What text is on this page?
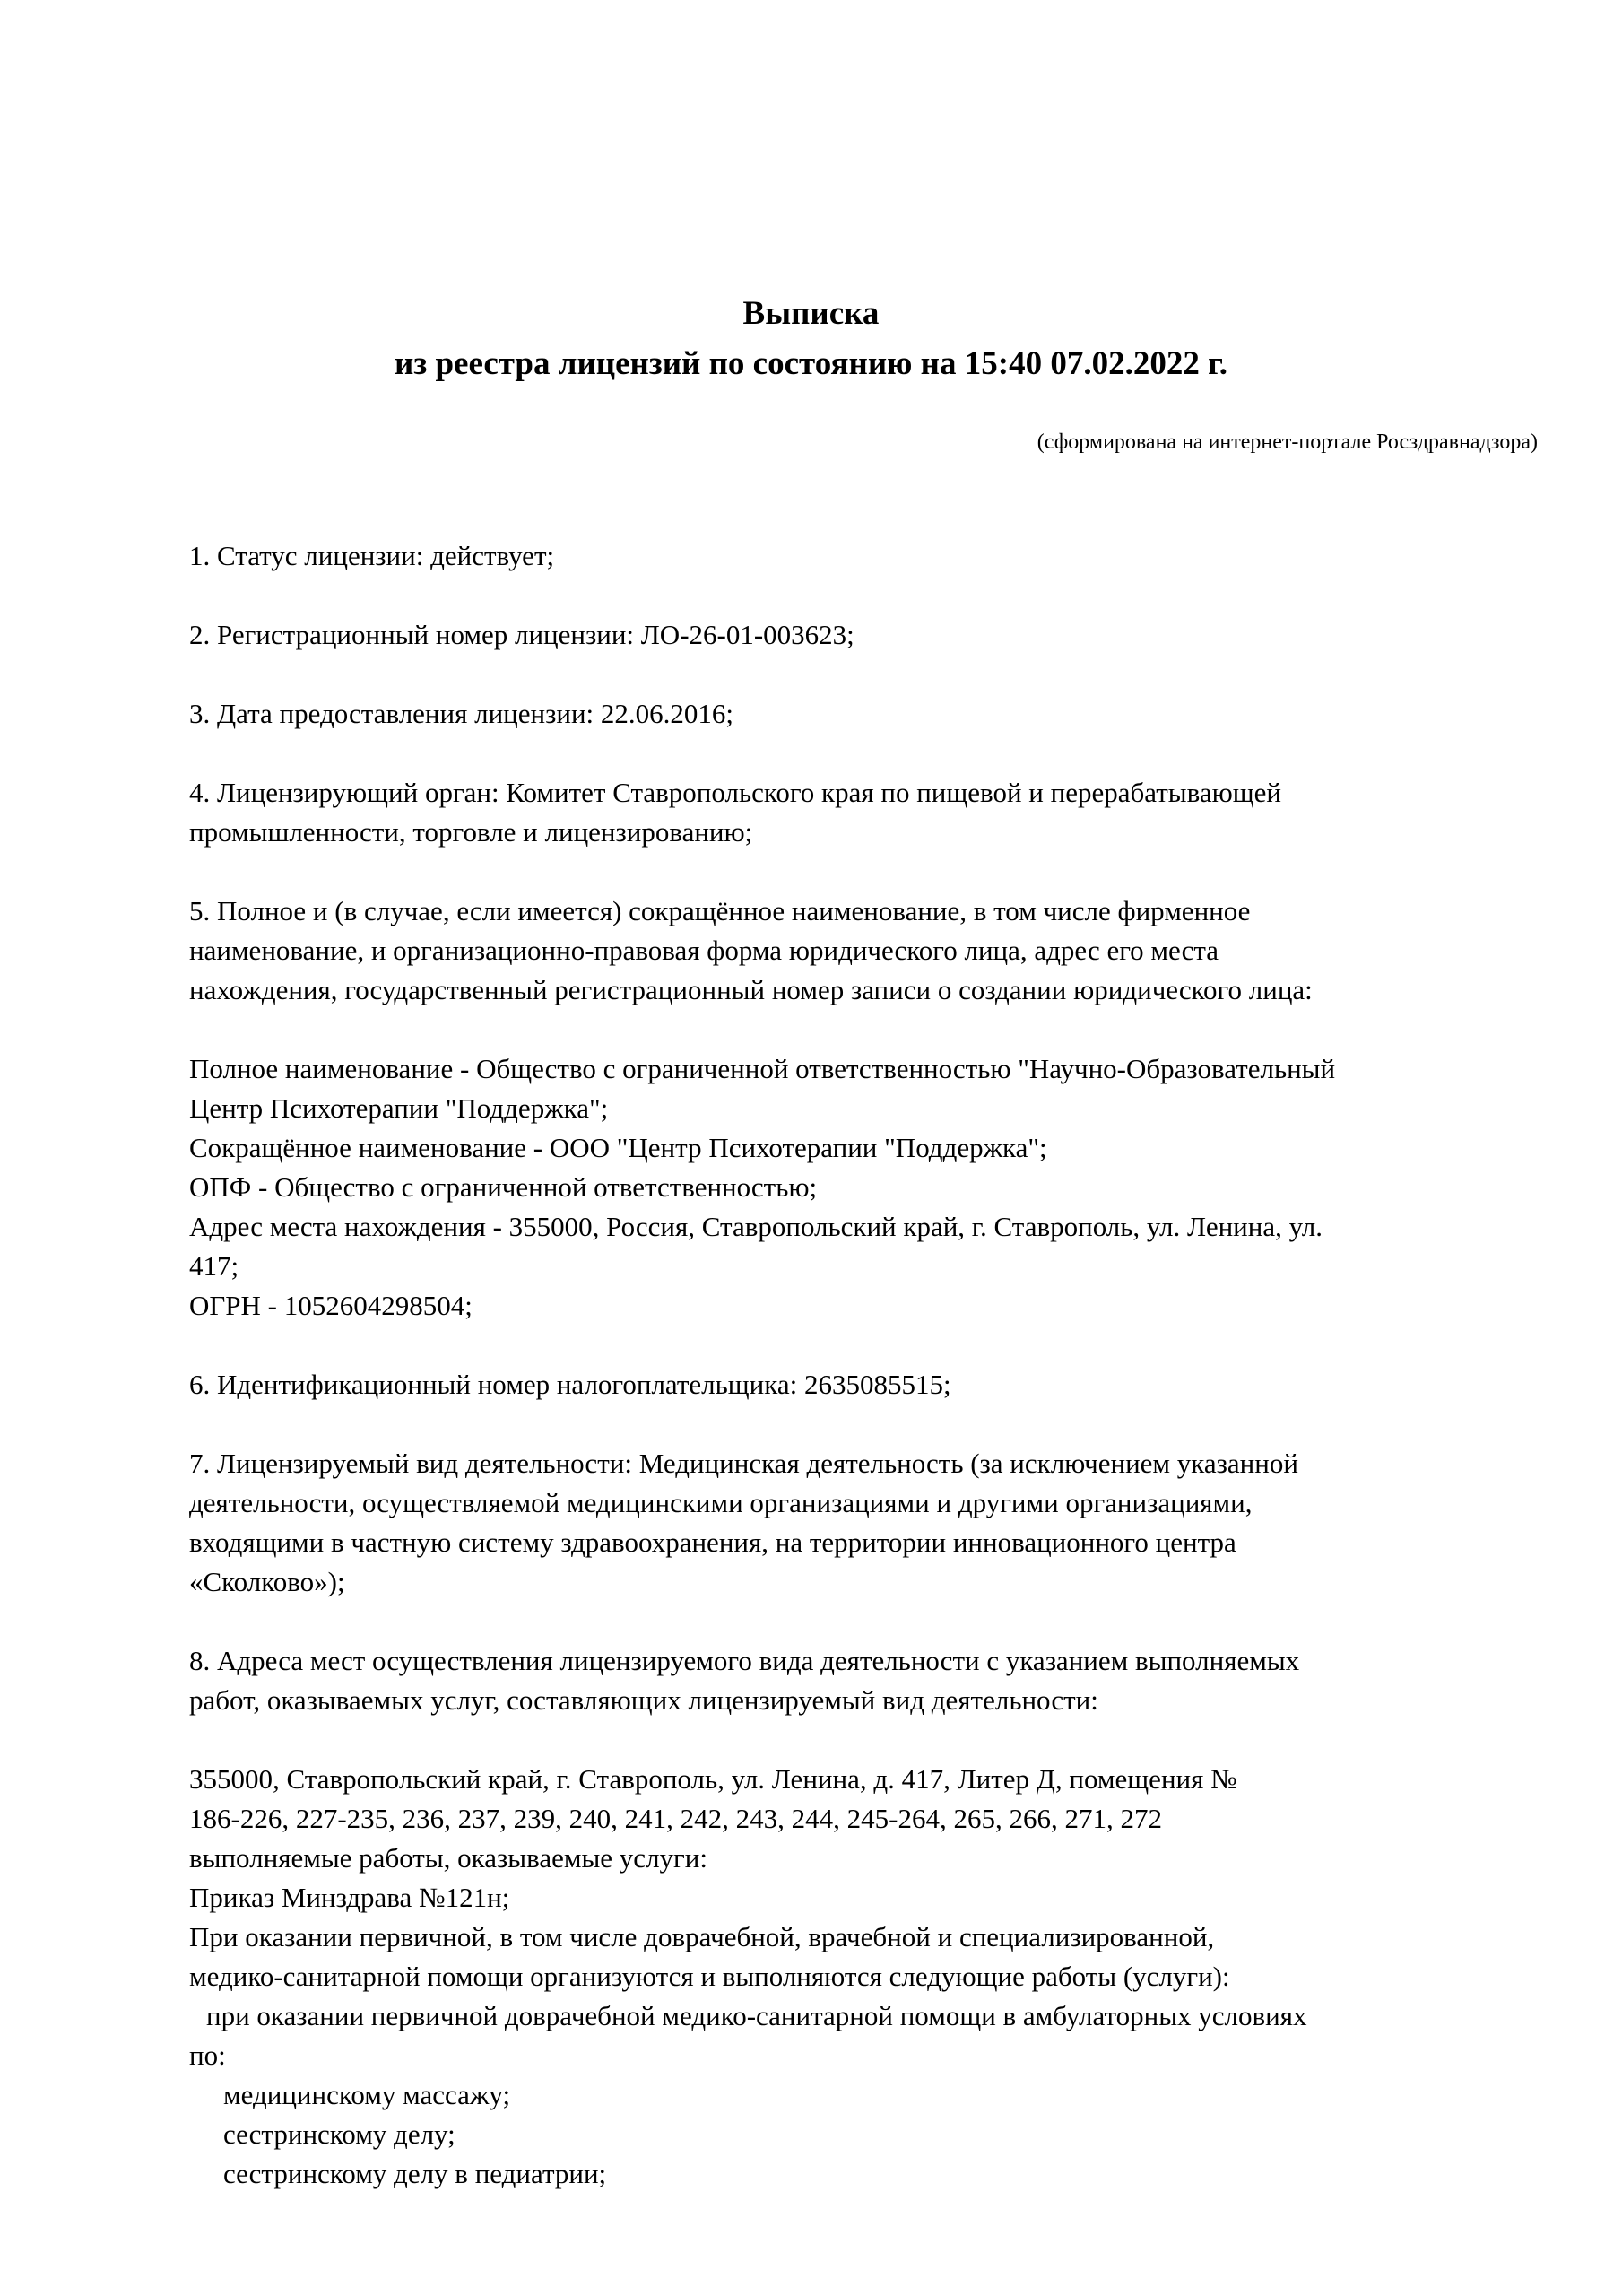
Выписка
из реестра лицензий по состоянию на 15:40 07.02.2022 г.
(сформирована на интернет-портале Росздравнадзора)
1. Статус лицензии: действует;
2. Регистрационный номер лицензии: ЛО-26-01-003623;
3. Дата предоставления лицензии: 22.06.2016;
4. Лицензирующий орган: Комитет Ставропольского края по пищевой и перерабатывающей
промышленности, торговле и лицензированию;
5. Полное и (в случае, если имеется) сокращённое наименование, в том числе фирменное
наименование, и организационно-правовая форма юридического лица, адрес его места
нахождения, государственный регистрационный номер записи о создании юридического лица:
Полное наименование - Общество с ограниченной ответственностью "Научно-Образовательный
Центр Психотерапии "Поддержка";
Сокращённое наименование - ООО "Центр Психотерапии "Поддержка";
ОПФ - Общество с ограниченной ответственностью;
Адрес места нахождения - 355000, Россия, Ставропольский край, г. Ставрополь, ул. Ленина, ул.
417;
ОГРН - 1052604298504;
6. Идентификационный номер налогоплательщика: 2635085515;
7. Лицензируемый вид деятельности: Медицинская деятельность (за исключением указанной
деятельности, осуществляемой медицинскими организациями и другими организациями,
входящими в частную систему здравоохранения, на территории инновационного центра
«Сколково»);
8. Адреса мест осуществления лицензируемого вида деятельности с указанием выполняемых
работ, оказываемых услуг, составляющих лицензируемый вид деятельности:
355000, Ставропольский край, г. Ставрополь, ул. Ленина, д. 417, Литер Д, помещения №
186-226, 227-235, 236, 237, 239, 240, 241, 242, 243, 244, 245-264, 265, 266, 271, 272
выполняемые работы, оказываемые услуги:
Приказ Минздрава №121н;
При оказании первичной, в том числе доврачебной, врачебной и специализированной,
медико-санитарной помощи организуются и выполняются следующие работы (услуги):
при оказании первичной доврачебной медико-санитарной помощи в амбулаторных условиях
по:
медицинскому массажу;
сестринскому делу;
сестринскому делу в педиатрии;
